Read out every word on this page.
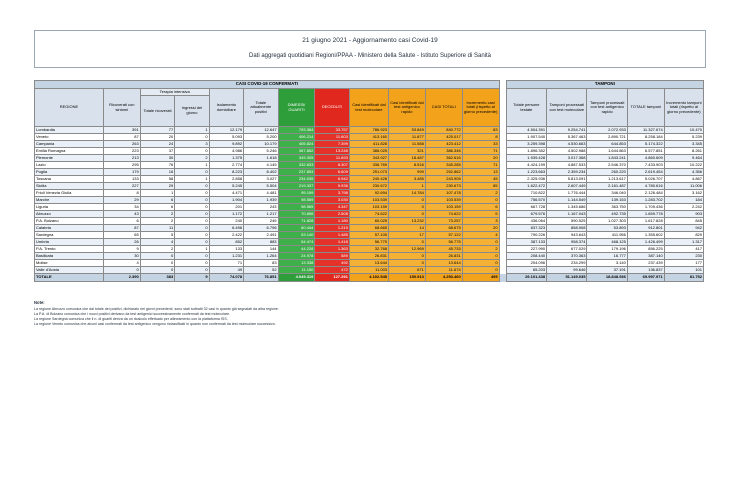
21 giugno 2021 - Aggiornamento casi Covid-19
Dati aggregati quotidiani Regioni/PPAA - Ministero della Salute - Istituto Superiore di Sanità
CASI COVID-19 CONFERMATI													TAMPONI				
REGIONE	Ricoverati con sintomi	Terapia intensiva		Isolamento domiciliare	Totale attualmente positivi	DIMESSI/ GUARITI	DECEDUTI	Casi identificati dal test molecolare	Casi identificati dal test antigenico rapido	CASI TOTALI	Incremento casi totali (rispetto al giorno precedente)		Totale persone testate	Tamponi processati con test molecolare	Tamponi processati con test antigenico rapido	TOTALE tamponi	Incremento tamponi totali (rispetto al giorno precedente)
		Totale ricoverati	Ingressi del giorno														
Lombardia	391	77	1	12.179	12.647	793.364	33.757	786.923	53.849	840.772	83		4.504.391	9.254.741	2.072.933	11.327.674	10.470
Veneto	87	20	0	5.093	5.200	406.214	11.603	413.160	11.877	425.017	8		1.907.540	5.367.463	2.890.721	8.258.184	5.239
Campania	263	24	3	9.892	10.179	405.824	7.399	411.828	11.588	423.412	33		3.259.398	4.530.663	644.853	5.174.322	3.345
Emilia Romagna	223	37	0	4.986	5.246	367.852	13.248	386.025	321	386.346	71		1.896.352	4.502.988	1.644.863	6.577.851	8.261
Piemonte	213	30	2	1.375	1.618	349.305	11.693	343.927	18.487	362.616	20		1.939.428	3.017.368	1.843.241	4.860.609	9.464
Lazio	295	76	1	2.774	4.145	332.833	8.307	336.769	8.516	345.285	71		4.424.199	4.887.533	2.546.370	7.433.903	10.222
Puglia	179	16	0	8.223	8.402	237.853	6.609	251.073	999	252.862	13		1.223.663	2.359.234	260.220	2.619.454	4.356
Toscana	133	58	1	2.858	3.027	234.035	6.942	240.428	3.485	243.905	45		2.325.936	5.813.091	1.213.617	5.026.707	4.867
Sicilia	227	29	0	5.245	5.504	219.337	5.938	230.672	1	230.673	85		1.622.472	2.607.449	2.161.487	4.780.616	11.006
Friuli Venezia Giulia	8	1	0	4.471	4.481	95.199	3.798	92.694	14.784	107.478	2		710.822	1.776.444	346.040	2.126.484	3.162
Marche	29	6	0	1.904	1.939	98.569	3.030	103.539	0	103.539	0		756.570	1.144.549	139.153	1.283.702	184
Liguria	34	6	0	201	243	98.569	4.347	103.159	0	103.159	6		667.728	1.345.686	363.750	1.709.436	2.242
Abruzzo	43	2	0	1.172	1.217	70.896	2.508	74.622	0	74.622	5		679.576	1.167.043	492.735	1.659.778	903
P.A. Bolzano	6	2	0	240	249	71.828	1.180	60.025	13.232	73.257	3		436.064	590.525	1.027.303	1.617.828	845
Calabria	87	11	0	6.496	6.796	60.444	1.219	68.665	14	68.679	20		837.323	858.908	53.893	912.801	942
Sardegna	65	5	0	2.422	2.491	53.140	1.485	57.105	17	57.122	4		790.226	943.643	411.956	1.355.602	829
Umbria	26	4	0	852	883	54.474	1.418	56.775	0	56.775	0		387.133	958.374	468.125	1.426.499	1.317
P.A. Trento	9	2	1	133	144	44.228	1.363	32.768	12.969	45.733	2		227.990	677.029	179.196	856.225	417
Basilicata	30	0	0	1.231	1.264	24.978	589	26.831	0	26.831	0		208.440	370.363	16.777	387.140	230
Molise	4	0	0	71	83	13.338	492	13.644	0	13.644	0		204.096	234.299	3.140	237.439	177
Valle d'Aosta	0	0	0	49	52	11.150	472	11.003	671	11.674	0		65.203	99.646	37.191	136.837	101
TOTALE	2.390	383	9	74.078	76.851	4.049.319	127.291	4.102.545	150.913	4.253.460	495		29.101.438	51.149.035	18.848.936	69.997.971	81.752
Note:
La regione Abruzzo comunica che dal totale dei positivi, dichiarato nei giorni precedenti, sono stati sottratti 32 casi in quanto già segnalati da altra regione.
La P.A. di Bolzano comunica che i nuovi positivi derivano da test antigenici successivamente confermati da test molecolare.
La regione Sardegna comunica che il n. di guariti deriva da un ricalcolo effettuato per allineamento con la piattaforma ISS.
La regione Veneto comunica che alcuni casi confermati da test antigenico vengono riclassificati in quanto non confermati da test molecolare successivo.
